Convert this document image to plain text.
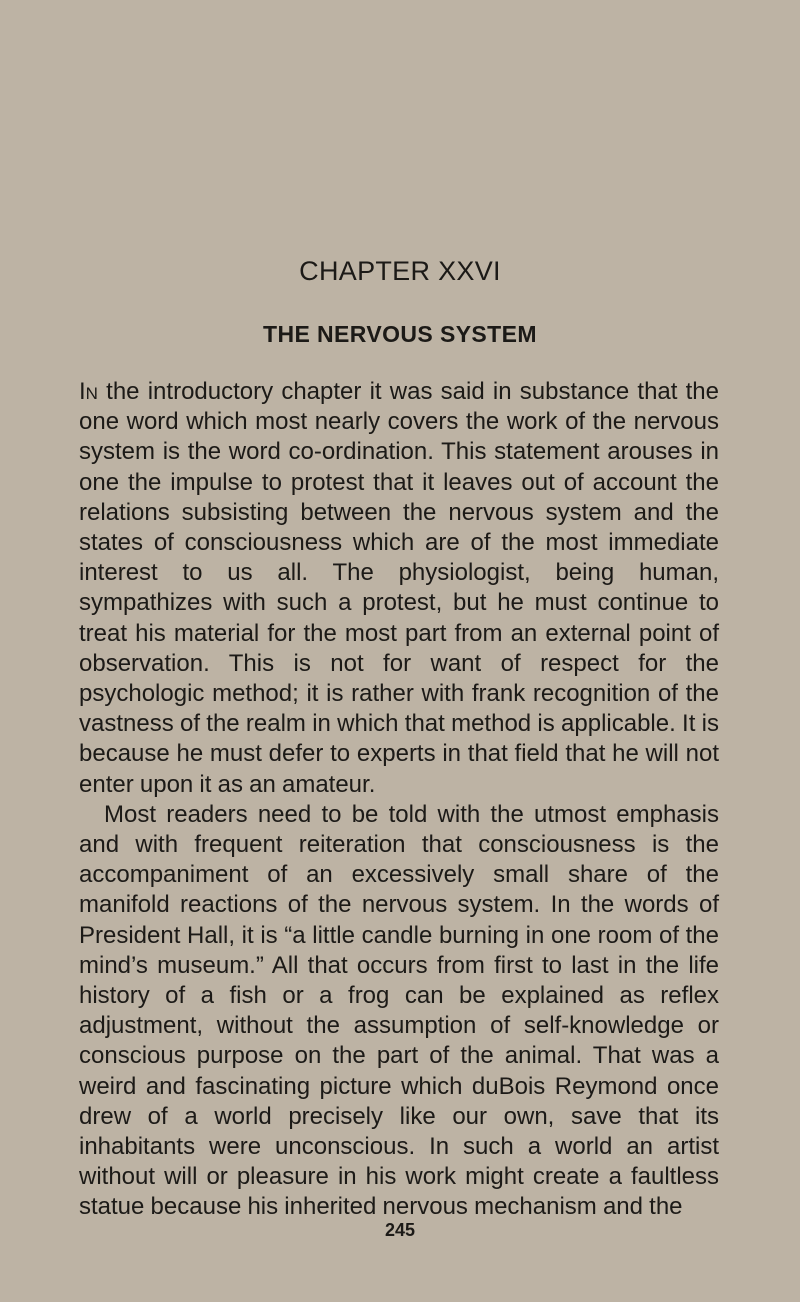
CHAPTER XXVI
THE NERVOUS SYSTEM

In the introductory chapter it was said in substance that the one word which most nearly covers the work of the nervous system is the word co-ordination. This statement arouses in one the impulse to protest that it leaves out of account the relations subsisting between the nervous system and the states of consciousness which are of the most immediate interest to us all. The physiologist, being human, sympathizes with such a protest, but he must continue to treat his material for the most part from an external point of observation. This is not for want of respect for the psychologic method; it is rather with frank recognition of the vastness of the realm in which that method is applicable. It is because he must defer to experts in that field that he will not enter upon it as an amateur.

Most readers need to be told with the utmost emphasis and with frequent reiteration that consciousness is the accompaniment of an excessively small share of the manifold reactions of the nervous system. In the words of President Hall, it is “a little candle burning in one room of the mind’s museum.” All that occurs from first to last in the life history of a fish or a frog can be explained as reflex adjustment, without the assumption of self-knowledge or conscious purpose on the part of the animal. That was a weird and fascinating picture which duBois Reymond once drew of a world precisely like our own, save that its inhabitants were unconscious. In such a world an artist without will or pleasure in his work might create a faultless statue because his inherited nervous mechanism and the

245
